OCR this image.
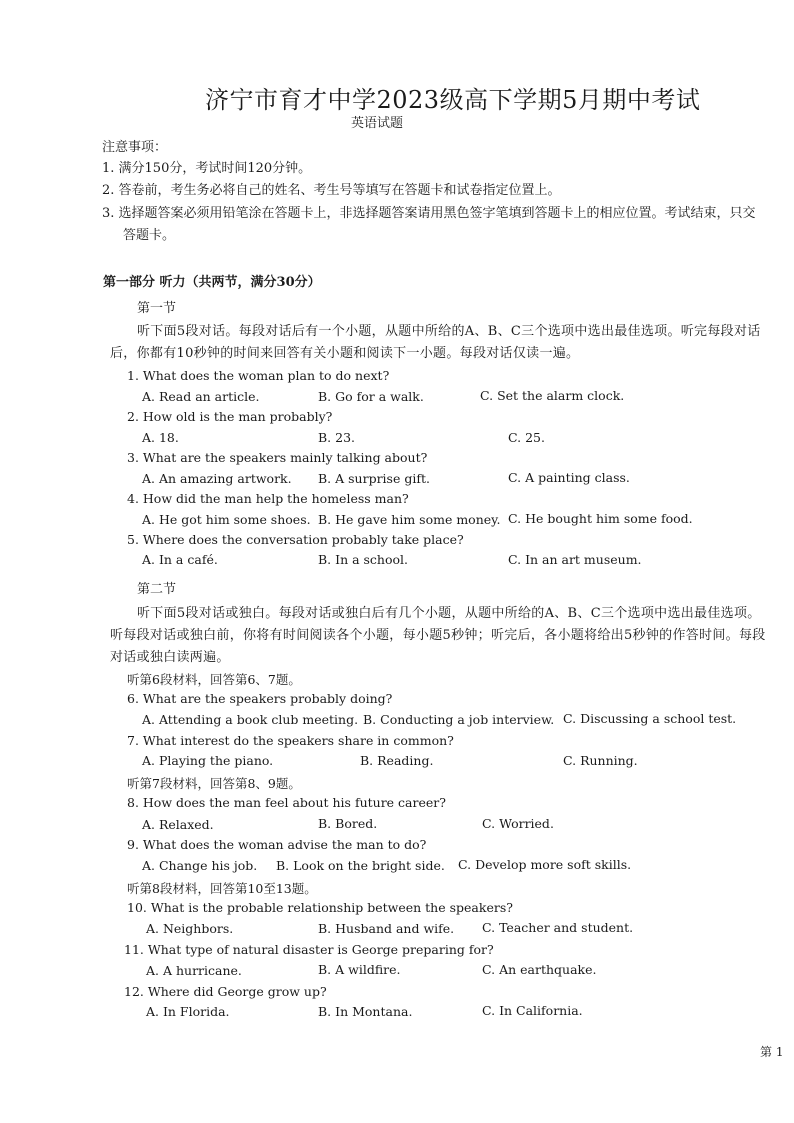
济宁市育才中学2023级高下学期5月期中考试
英语试题
注意事项：
1. 满分150分，考试时间120分钟。
2. 答卷前，考生务必将自己的姓名、考生号等填写在答题卡和试卷指定位置上。
3. 选择题答案必须用铅笔涂在答题卡上，非选择题答案请用黑色签字笔填到答题卡上的相应位置。考试结束，只交
答题卡。
第一部分 听力（共两节，满分30分）
第一节
听下面5段对话。每段对话后有一个小题，从题中所给的A、B、C三个选项中选出最佳选项。听完每段对话
后，你都有10秒钟的时间来回答有关小题和阅读下一小题。每段对话仅读一遍。
1. What does the woman plan to do next?
A. Read an article.	B. Go for a walk.	C. Set the alarm clock.
2. How old is the man probably?
A. 18.	B. 23.	C. 25.
3. What are the speakers mainly talking about?
A. An amazing artwork. B. A surprise gift.	C. A painting class.
4. How did the man help the homeless man?
A. He got him some shoes. B. He gave him some money. C. He bought him some food.
5. Where does the conversation probably take place?
A. In a café.	B. In a school.	C. In an art museum.
第二节
听下面5段对话或独白。每段对话或独白后有几个小题，从题中所给的A、B、C三个选项中选出最佳选项。
听每段对话或独白前，你将有时间阅读各个小题，每小题5秒钟；听完后，各小题将给出5秒钟的作答时间。每段
对话或独白读两遍。
听第6段材料，回答第6、7题。
6. What are the speakers probably doing?
A. Attending a book club meeting. B. Conducting a job interview. C. Discussing a school test.
7. What interest do the speakers share in common?
A. Playing the piano.	B. Reading.	C. Running.
听第7段材料，回答第8、9题。
8. How does the man feel about his future career?
A. Relaxed.	B. Bored.	C. Worried.
9. What does the woman advise the man to do?
A. Change his job. B. Look on the bright side. C. Develop more soft skills.
听第8段材料，回答第10至13题。
10. What is the probable relationship between the speakers?
A. Neighbors.	B. Husband and wife. C. Teacher and student.
11. What type of natural disaster is George preparing for?
A. A hurricane.	B. A wildfire.	C. An earthquake.
12. Where did George grow up?
A. In Florida.	B. In Montana.	C. In California.
第 1
